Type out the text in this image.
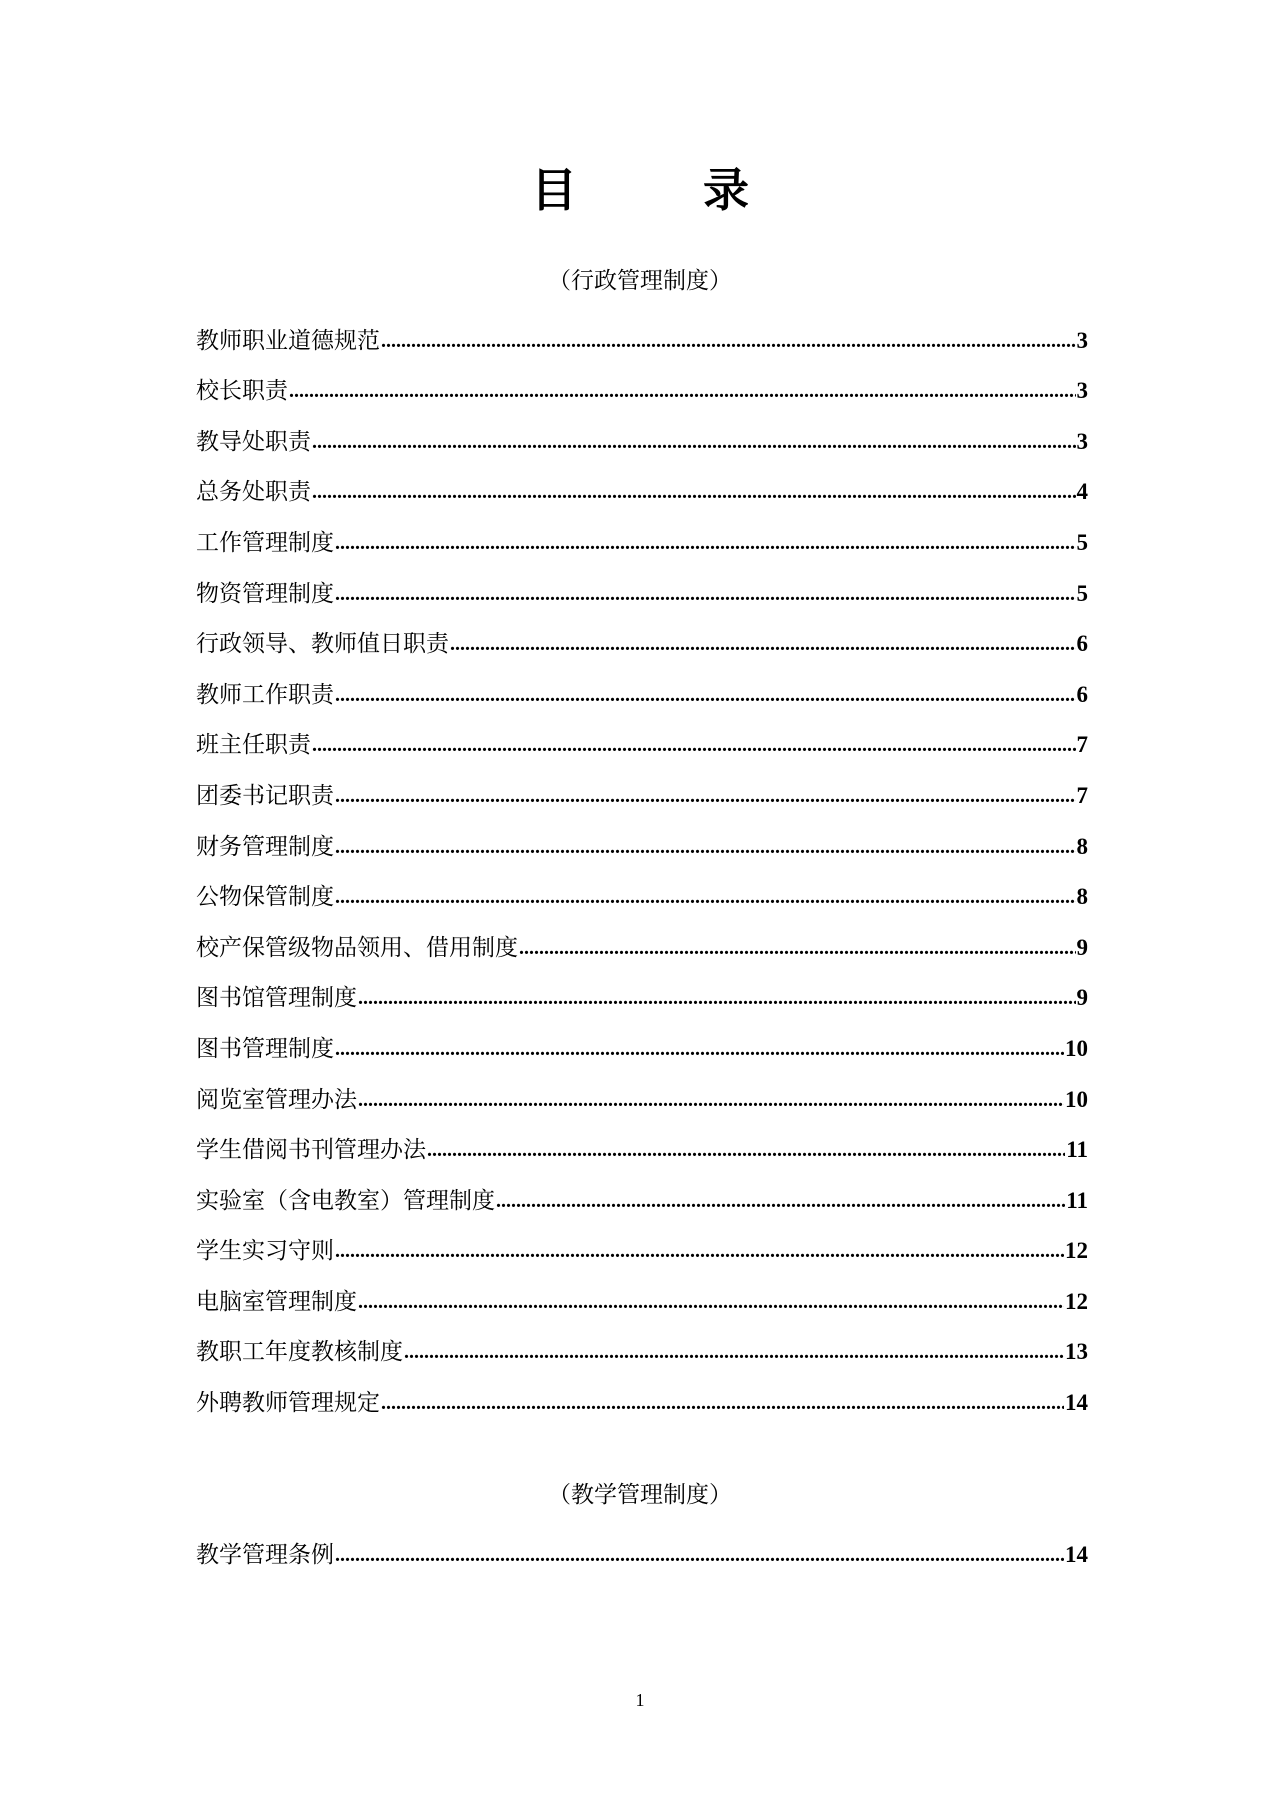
目　录
（行政管理制度）
教师职业道德规范 .....	3
校长职责 .....	3
教导处职责 .....	3
总务处职责 .....	4
工作管理制度 .....	5
物资管理制度 .....	5
行政领导、教师值日职责 .....	6
教师工作职责 .....	6
班主任职责 .....	7
团委书记职责 .....	7
财务管理制度 .....	8
公物保管制度 .....	8
校产保管级物品领用、借用制度 .....	9
图书馆管理制度 .....	9
图书管理制度 .....	10
阅览室管理办法 .....	10
学生借阅书刊管理办法 .....	11
实验室（含电教室）管理制度 .....	11
学生实习守则 .....	12
电脑室管理制度 .....	12
教职工年度教核制度 .....	13
外聘教师管理规定 .....	14
（教学管理制度）
教学管理条例 .....	14
1
